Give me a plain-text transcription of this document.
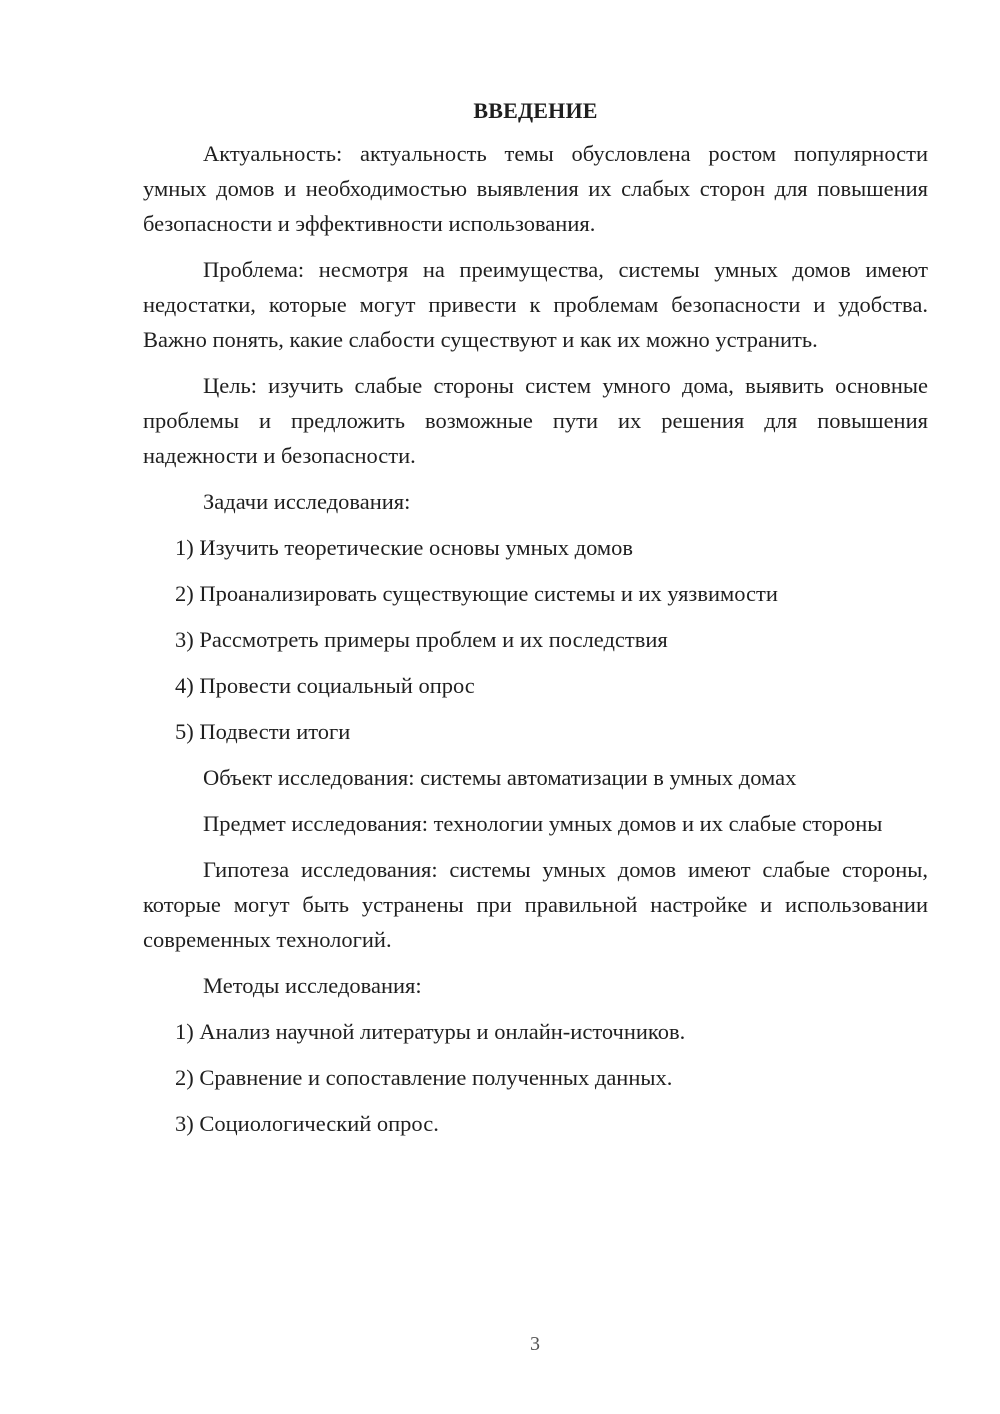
ВВЕДЕНИЕ
Актуальность: актуальность темы обусловлена ростом популярности умных домов и необходимостью выявления их слабых сторон для повышения безопасности и эффективности использования.
Проблема: несмотря на преимущества, системы умных домов имеют недостатки, которые могут привести к проблемам безопасности и удобства. Важно понять, какие слабости существуют и как их можно устранить.
Цель: изучить слабые стороны систем умного дома, выявить основные проблемы и предложить возможные пути их решения для повышения надежности и безопасности.
Задачи исследования:
1) Изучить теоретические основы умных домов
2) Проанализировать существующие системы и их уязвимости
3) Рассмотреть примеры проблем и их последствия
4) Провести социальный опрос
5) Подвести итоги
Объект исследования: системы автоматизации в умных домах
Предмет исследования: технологии умных домов и их слабые стороны
Гипотеза исследования: системы умных домов имеют слабые стороны, которые могут быть устранены при правильной настройке и использовании современных технологий.
Методы исследования:
1) Анализ научной литературы и онлайн-источников.
2) Сравнение и сопоставление полученных данных.
3) Социологический опрос.
3
